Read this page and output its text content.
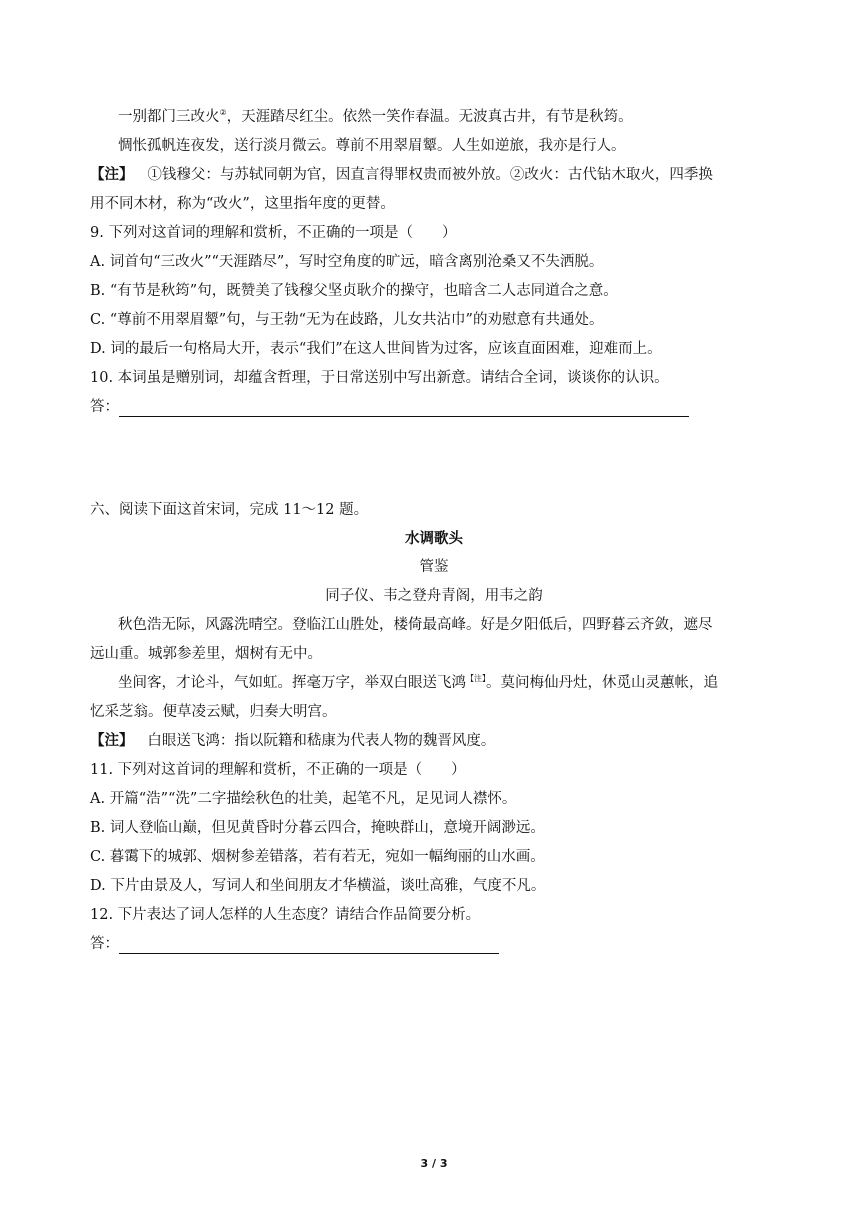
一别都门三改火②，天涯踏尽红尘。依然一笑作春温。无波真古井，有节是秋筠。
惆怅孤帆连夜发，送行淡月微云。尊前不用翠眉颦。人生如逆旅，我亦是行人。
【注】 ①钱穆父：与苏轼同朝为官，因直言得罪权贵而被外放。②改火：古代钻木取火，四季换
用不同木材，称为“改火”，这里指年度的更替。
9. 下列对这首词的理解和赏析，不正确的一项是（　　）
A. 词首句“三改火”“天涯踏尽”，写时空角度的旷远，暗含离别沧桑又不失洒脱。
B. “有节是秋筠”句，既赞美了钱穆父坚贞耿介的操守，也暗含二人志同道合之意。
C. “尊前不用翠眉颦”句，与王勃“无为在歧路，儿女共沾巾”的劝慰意有共通处。
D. 词的最后一句格局大开，表示“我们”在这人世间皆为过客，应该直面困难，迎难而上。
10. 本词虽是赠别词，却蕴含哲理，于日常送别中写出新意。请结合全词，谈谈你的认识。
答：
六、阅读下面这首宋词，完成 11～12 题。
水调歌头
管鉴
同子仪、韦之登舟青阁，用韦之韵
秋色浩无际，风露洗晴空。登临江山胜处，楼倚最高峰。好是夕阳低后，四野暮云齐敛，遮尽
远山重。城郭参差里，烟树有无中。
坐间客，才论斗，气如虹。挥毫万字，举双白眼送飞鸿$^{【注】}$。莫问梅仙丹灶，休觅山灵蕙帐，追
忆采芝翁。便草凌云赋，归奏大明宫。
【注】 白眼送飞鸿：指以阮籍和嵇康为代表人物的魏晋风度。
11. 下列对这首词的理解和赏析，不正确的一项是（　　）
A. 开篇“浩”“洗”二字描绘秋色的壮美，起笔不凡，足见词人襟怀。
B. 词人登临山巅，但见黄昏时分暮云四合，掩映群山，意境开阔渺远。
C. 暮霭下的城郭、烟树参差错落，若有若无，宛如一幅绚丽的山水画。
D. 下片由景及人，写词人和坐间朋友才华横溢，谈吐高雅，气度不凡。
12. 下片表达了词人怎样的人生态度？请结合作品简要分析。
答：
3 / 3
